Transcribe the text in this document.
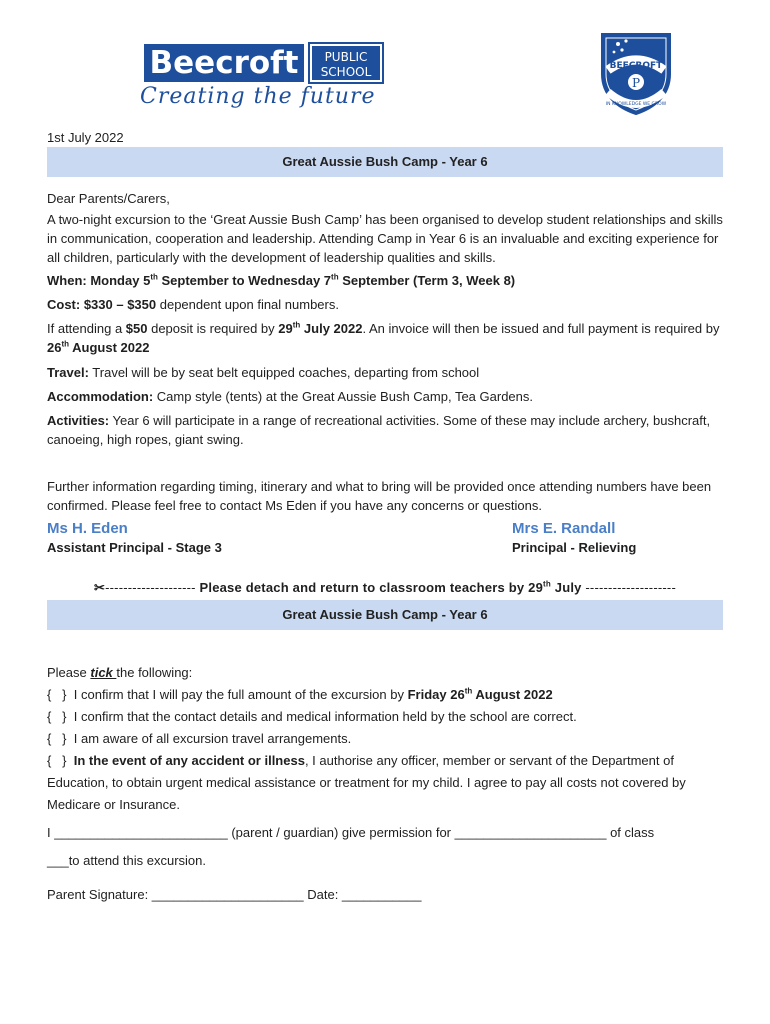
Beecroft	PUBLIC
SCHOOL
Creating the future
BEECROFT
P
IN KNOWLEDGE WE GROW
1st July 2022
Great Aussie Bush Camp - Year 6
Dear Parents/Carers,
A two-night excursion to the ‘Great Aussie Bush Camp’ has been organised to develop student relationships and skills in communication, cooperation and leadership. Attending Camp in Year 6 is an invaluable and exciting experience for all children, particularly with the development of leadership qualities and skills.
When: Monday 5th September to Wednesday 7th September (Term 3, Week 8)
Cost: $330 – $350 dependent upon final numbers.
If attending a $50 deposit is required by 29th July 2022. An invoice will then be issued and full payment is required by 26th August 2022
Travel: Travel will be by seat belt equipped coaches, departing from school
Accommodation: Camp style (tents) at the Great Aussie Bush Camp, Tea Gardens.
Activities: Year 6 will participate in a range of recreational activities. Some of these may include archery, bushcraft, canoeing, high ropes, giant swing.
Further information regarding timing, itinerary and what to bring will be provided once attending numbers have been confirmed. Please feel free to contact Ms Eden if you have any concerns or questions.
Ms H. Eden
Assistant Principal - Stage 3
Mrs E. Randall
Principal - Relieving
✂-------------------- Please detach and return to classroom teachers by 29th July --------------------
Great Aussie Bush Camp - Year 6
Please tick the following:
{   } I confirm that I will pay the full amount of the excursion by Friday 26th August 2022
{   } I confirm that the contact details and medical information held by the school are correct.
{   } I am aware of all excursion travel arrangements.
{   } In the event of any accident or illness, I authorise any officer, member or servant of the Department of Education, to obtain urgent medical assistance or treatment for my child. I agree to pay all costs not covered by Medicare or Insurance.
I ________________________ (parent / guardian) give permission for _____________________ of class
___to attend this excursion.
Parent Signature: _____________________ Date: ___________
